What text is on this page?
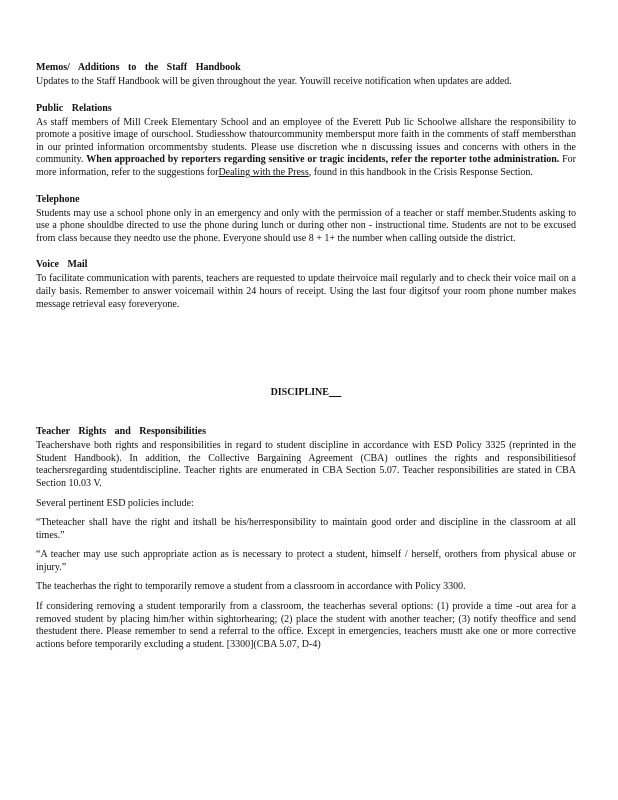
Memos/ Additions to the Staff Handbook

Updates to the Staff Handbook will be given throughout the year. Youwill receive notification when updates are added.

Public Relations

As staff members of Mill Creek Elementary School and an employee of the Everett Pub lic Schoolwe allshare the responsibility to promote a positive image of ourschool. Studiesshow thatourcommunity membersput more faith in the comments of staff membersthan in our printed information orcommentsby students. Please use discretion whe n discussing issues and concerns with others in the community. When approached by reporters regarding sensitive or tragic incidents, refer the reporter tothe administration. For more information, refer to the suggestions forDealing with the Press, found in this handbook in the Crisis Response Section.

Telephone

Students may use a school phone only in an emergency and only with the permission of a teacher or staff member.Students asking to use a phone shouldbe directed to use the phone during lunch or during other non - instructional time. Students are not to be excused from class because they needto use the phone. Everyone should use 8 + 1+ the number when calling outside the district.

Voice Mail

To facilitate communication with parents, teachers are requested to update theirvoice mail regularly and to check their voice mail on a daily basis. Remember to answer voicemail within 24 hours of receipt. Using the last four digitsof your room phone number makes message retrieval easy foreveryone.

DISCIPLINE

Teacher Rights and Responsibilities

Teachershave both rights and responsibilities in regard to student discipline in accordance with ESD Policy 3325 (reprinted in the Student Handbook). In addition, the Collective Bargaining Agreement (CBA) outlines the rights and responsibilitiesof teachersregarding studentdiscipline. Teacher rights are enumerated in CBA Section 5.07. Teacher responsibilities are stated in CBA Section 10.03 V.

Several pertinent ESD policies include:

“Theteacher shall have the right and itshall be his/herresponsibility to maintain good order and discipline in the classroom at all times.”

“A teacher may use such appropriate action as is necessary to protect a student, himself / herself, orothers from physical abuse or injury.”

The teacherhas the right to temporarily remove a student from a classroom in accordance with Policy 3300.

If considering removing a student temporarily from a classroom, the teacherhas several options: (1) provide a time -out area for a removed student by placing him/her within sightorhearing; (2) place the student with another teacher; (3) notify theoffice and send thestudent there. Please remember to send a referral to the office. Except in emergencies, teachers mustt ake one or more corrective actions before temporarily excluding a student. [3300](CBA 5.07, D-4)
